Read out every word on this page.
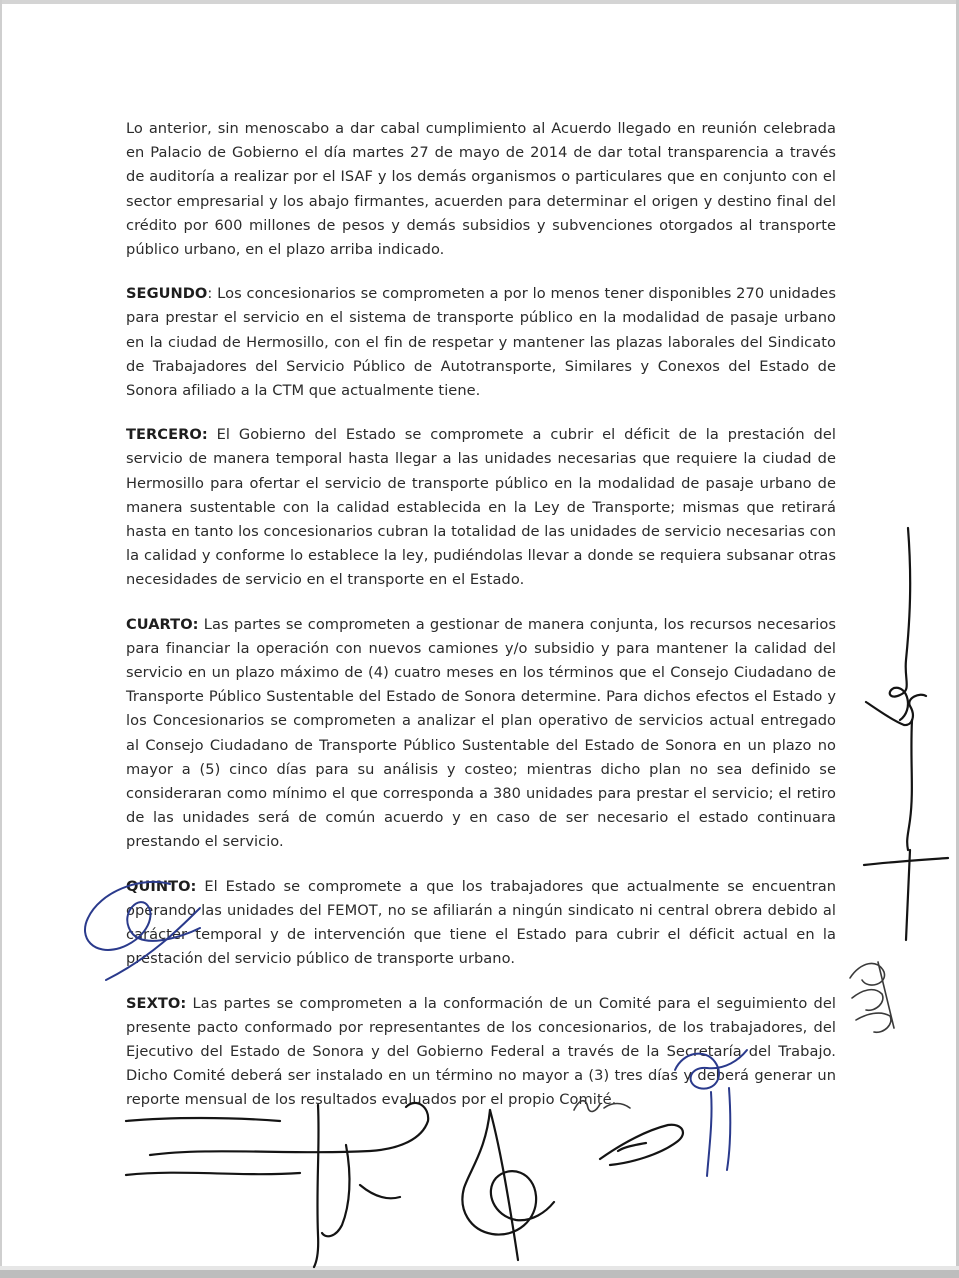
Lo anterior, sin menoscabo a dar cabal cumplimiento al Acuerdo llegado en reunión celebrada en Palacio de Gobierno el día martes 27 de mayo de 2014 de dar total transparencia a través de auditoría a realizar por el ISAF y los demás organismos o particulares que en conjunto con el sector empresarial y los abajo firmantes, acuerden para determinar el origen y destino final del crédito por 600 millones de pesos y demás subsidios y subvenciones otorgados al transporte público urbano, en el plazo arriba indicado.

SEGUNDO: Los concesionarios se comprometen a por lo menos tener disponibles 270 unidades para prestar el servicio en el sistema de transporte público en la modalidad de pasaje urbano en la ciudad de Hermosillo, con el fin de respetar y mantener las plazas laborales del Sindicato de Trabajadores del Servicio Público de Autotransporte, Similares y Conexos del Estado de Sonora afiliado a la CTM que actualmente tiene.

TERCERO: El Gobierno del Estado se compromete a cubrir el déficit de la prestación del servicio de manera temporal hasta llegar a las unidades necesarias que requiere la ciudad de Hermosillo para ofertar el servicio de transporte público en la modalidad de pasaje urbano de manera sustentable con la calidad establecida en la Ley de Transporte; mismas que retirará hasta en tanto los concesionarios cubran la totalidad de las unidades de servicio necesarias con la calidad y conforme lo establece la ley, pudiéndolas llevar a donde se requiera subsanar otras necesidades de servicio en el transporte en el Estado.

CUARTO: Las partes se comprometen a gestionar de manera conjunta, los recursos necesarios para financiar la operación con nuevos camiones y/o subsidio y para mantener la calidad del servicio en un plazo máximo de (4) cuatro meses en los términos que el Consejo Ciudadano de Transporte Público Sustentable del Estado de Sonora determine. Para dichos efectos el Estado y los Concesionarios se comprometen a analizar el plan operativo de servicios actual entregado al Consejo Ciudadano de Transporte Público Sustentable del Estado de Sonora en un plazo no mayor a (5) cinco días para su análisis y costeo; mientras dicho plan no sea definido se consideraran como mínimo el que corresponda a 380 unidades para prestar el servicio; el retiro de las unidades será de común acuerdo y en caso de ser necesario el estado continuara prestando el servicio.

QUINTO: El Estado se compromete a que los trabajadores que actualmente se encuentran operando las unidades del FEMOT, no se afiliarán a ningún sindicato ni central obrera debido al carácter temporal y de intervención que tiene el Estado para cubrir el déficit actual en la prestación del servicio público de transporte urbano.

SEXTO: Las partes se comprometen a la conformación de un Comité para el seguimiento del presente pacto conformado por representantes de los concesionarios, de los trabajadores, del Ejecutivo del Estado de Sonora y del Gobierno Federal a través de la Secretaría del Trabajo. Dicho Comité deberá ser instalado en un término no mayor a (3) tres días y deberá generar un reporte mensual de los resultados evaluados por el propio Comité.
